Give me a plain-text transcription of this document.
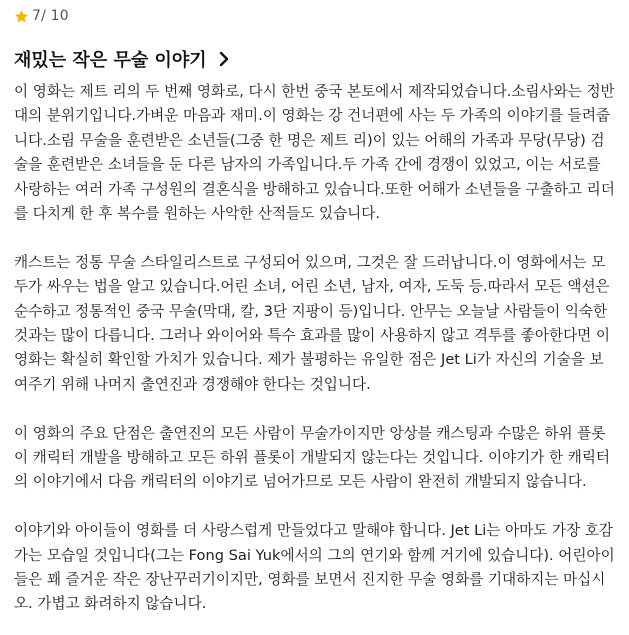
7/ 10
재밌는 작은 무술 이야기

이 영화는 제트 리의 두 번째 영화로, 다시 한번 중국 본토에서 제작되었습니다.소림사와는 정반대의 분위기입니다.가벼운 마음과 재미.이 영화는 강 건너편에 사는 두 가족의 이야기를 들려줍니다.소림 무술을 훈련받은 소년들(그중 한 명은 제트 리)이 있는 어해의 가족과 무당(무당) 검술을 훈련받은 소녀들을 둔 다른 남자의 가족입니다.두 가족 간에 경쟁이 있었고, 이는 서로를 사랑하는 여러 가족 구성원의 결혼식을 방해하고 있습니다.또한 어해가 소년들을 구출하고 리더를 다치게 한 후 복수를 원하는 사악한 산적들도 있습니다.

캐스트는 정통 무술 스타일리스트로 구성되어 있으며, 그것은 잘 드러납니다.이 영화에서는 모두가 싸우는 법을 알고 있습니다.어린 소녀, 어린 소년, 남자, 여자, 도둑 등.따라서 모든 액션은 순수하고 정통적인 중국 무술(막대, 칼, 3단 지팡이 등)입니다. 안무는 오늘날 사람들이 익숙한 것과는 많이 다릅니다. 그러나 와이어와 특수 효과를 많이 사용하지 않고 격투를 좋아한다면 이 영화는 확실히 확인할 가치가 있습니다. 제가 불평하는 유일한 점은 Jet Li가 자신의 기술을 보여주기 위해 나머지 출연진과 경쟁해야 한다는 것입니다.

이 영화의 주요 단점은 출연진의 모든 사람이 무술가이지만 앙상블 캐스팅과 수많은 하위 플롯이 캐릭터 개발을 방해하고 모든 하위 플롯이 개발되지 않는다는 것입니다. 이야기가 한 캐릭터의 이야기에서 다음 캐릭터의 이야기로 넘어가므로 모든 사람이 완전히 개발되지 않습니다.

이야기와 아이들이 영화를 더 사랑스럽게 만들었다고 말해야 합니다. Jet Li는 아마도 가장 호감 가는 모습일 것입니다(그는 Fong Sai Yuk에서의 그의 연기와 함께 거기에 있습니다). 어린아이들은 꽤 즐거운 작은 장난꾸러기이지만, 영화를 보면서 진지한 무술 영화를 기대하지는 마십시오. 가볍고 화려하지 않습니다.
